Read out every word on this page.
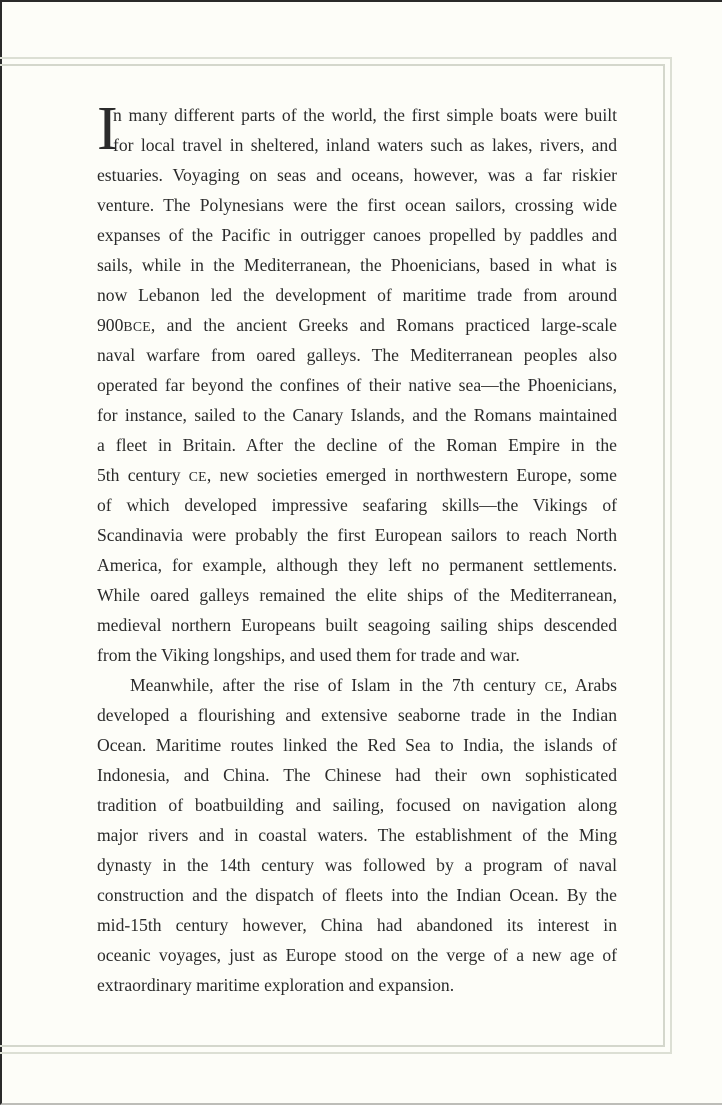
I
n many different parts of the world, the first simple boats were built
for local travel in sheltered, inland waters such as lakes, rivers, and
estuaries. Voyaging on seas and oceans, however, was a far riskier
venture. The Polynesians were the first ocean sailors, crossing wide
expanses of the Pacific in outrigger canoes propelled by paddles and
sails, while in the Mediterranean, the Phoenicians, based in what is
now Lebanon led the development of maritime trade from around
900BCE, and the ancient Greeks and Romans practiced large-scale
naval warfare from oared galleys. The Mediterranean peoples also
operated far beyond the confines of their native sea—the Phoenicians,
for instance, sailed to the Canary Islands, and the Romans maintained
a fleet in Britain. After the decline of the Roman Empire in the
5th century CE, new societies emerged in northwestern Europe, some
of which developed impressive seafaring skills—the Vikings of
Scandinavia were probably the first European sailors to reach North
America, for example, although they left no permanent settlements.
While oared galleys remained the elite ships of the Mediterranean,
medieval northern Europeans built seagoing sailing ships descended
from the Viking longships, and used them for trade and war.
Meanwhile, after the rise of Islam in the 7th century CE, Arabs
developed a flourishing and extensive seaborne trade in the Indian
Ocean. Maritime routes linked the Red Sea to India, the islands of
Indonesia, and China. The Chinese had their own sophisticated
tradition of boatbuilding and sailing, focused on navigation along
major rivers and in coastal waters. The establishment of the Ming
dynasty in the 14th century was followed by a program of naval
construction and the dispatch of fleets into the Indian Ocean. By the
mid-15th century however, China had abandoned its interest in
oceanic voyages, just as Europe stood on the verge of a new age of
extraordinary maritime exploration and expansion.
